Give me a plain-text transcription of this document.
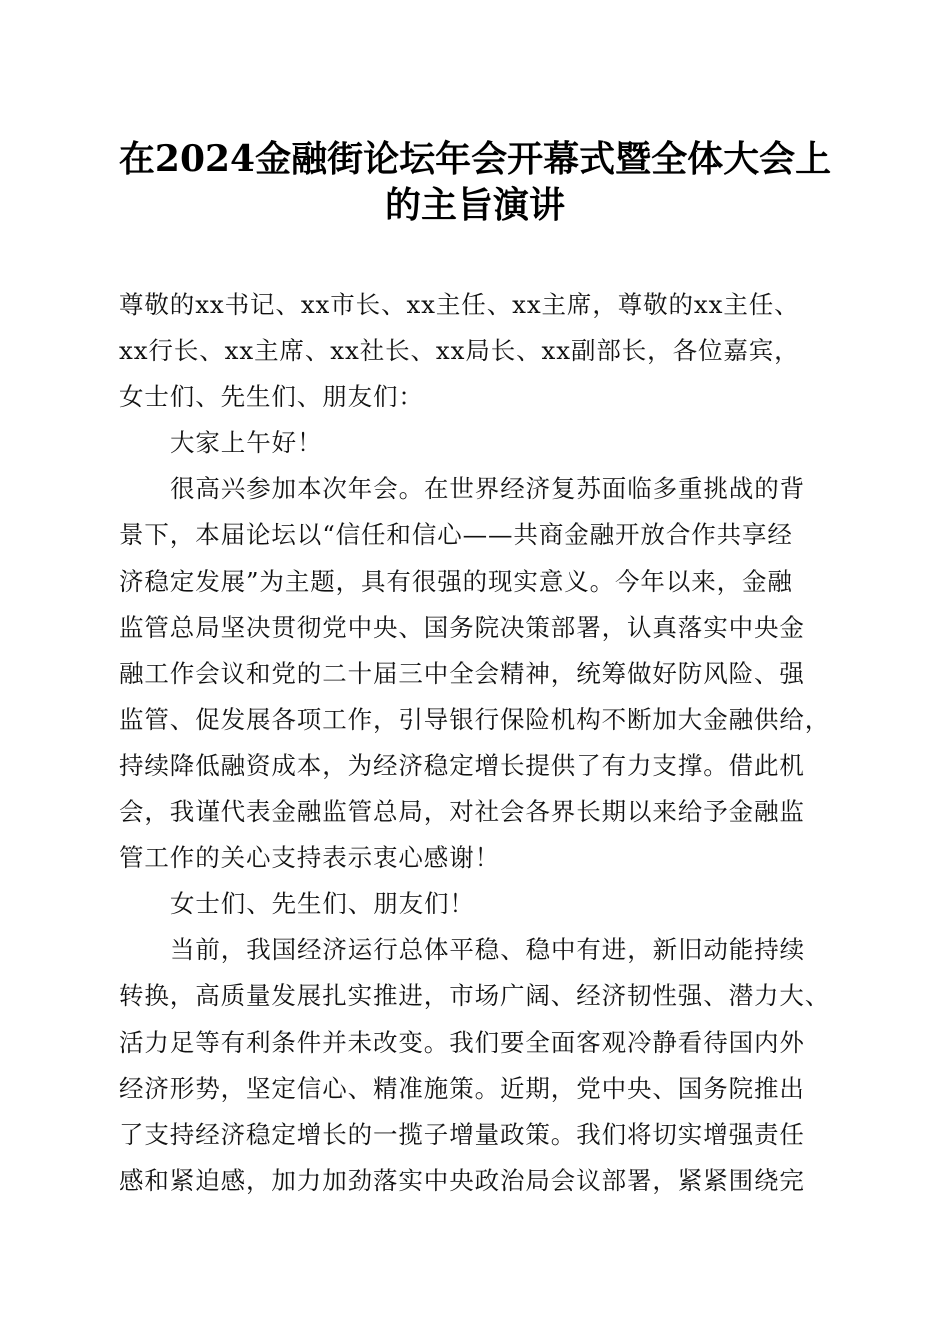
在2024金融街论坛年会开幕式暨全体大会上
的主旨演讲
尊敬的xx书记、xx市长、xx主任、xx主席，尊敬的xx主任、
xx行长、xx主席、xx社长、xx局长、xx副部长，各位嘉宾，
女士们、先生们、朋友们：
大家上午好！
很高兴参加本次年会。在世界经济复苏面临多重挑战的背
景下，本届论坛以“信任和信心——共商金融开放合作共享经
济稳定发展”为主题，具有很强的现实意义。今年以来，金融
监管总局坚决贯彻党中央、国务院决策部署，认真落实中央金
融工作会议和党的二十届三中全会精神，统筹做好防风险、强
监管、促发展各项工作，引导银行保险机构不断加大金融供给，
持续降低融资成本，为经济稳定增长提供了有力支撑。借此机
会，我谨代表金融监管总局，对社会各界长期以来给予金融监
管工作的关心支持表示衷心感谢！
女士们、先生们、朋友们！
当前，我国经济运行总体平稳、稳中有进，新旧动能持续
转换，高质量发展扎实推进，市场广阔、经济韧性强、潜力大、
活力足等有利条件并未改变。我们要全面客观冷静看待国内外
经济形势，坚定信心、精准施策。近期，党中央、国务院推出
了支持经济稳定增长的一揽子增量政策。我们将切实增强责任
感和紧迫感，加力加劲落实中央政治局会议部署，紧紧围绕完
